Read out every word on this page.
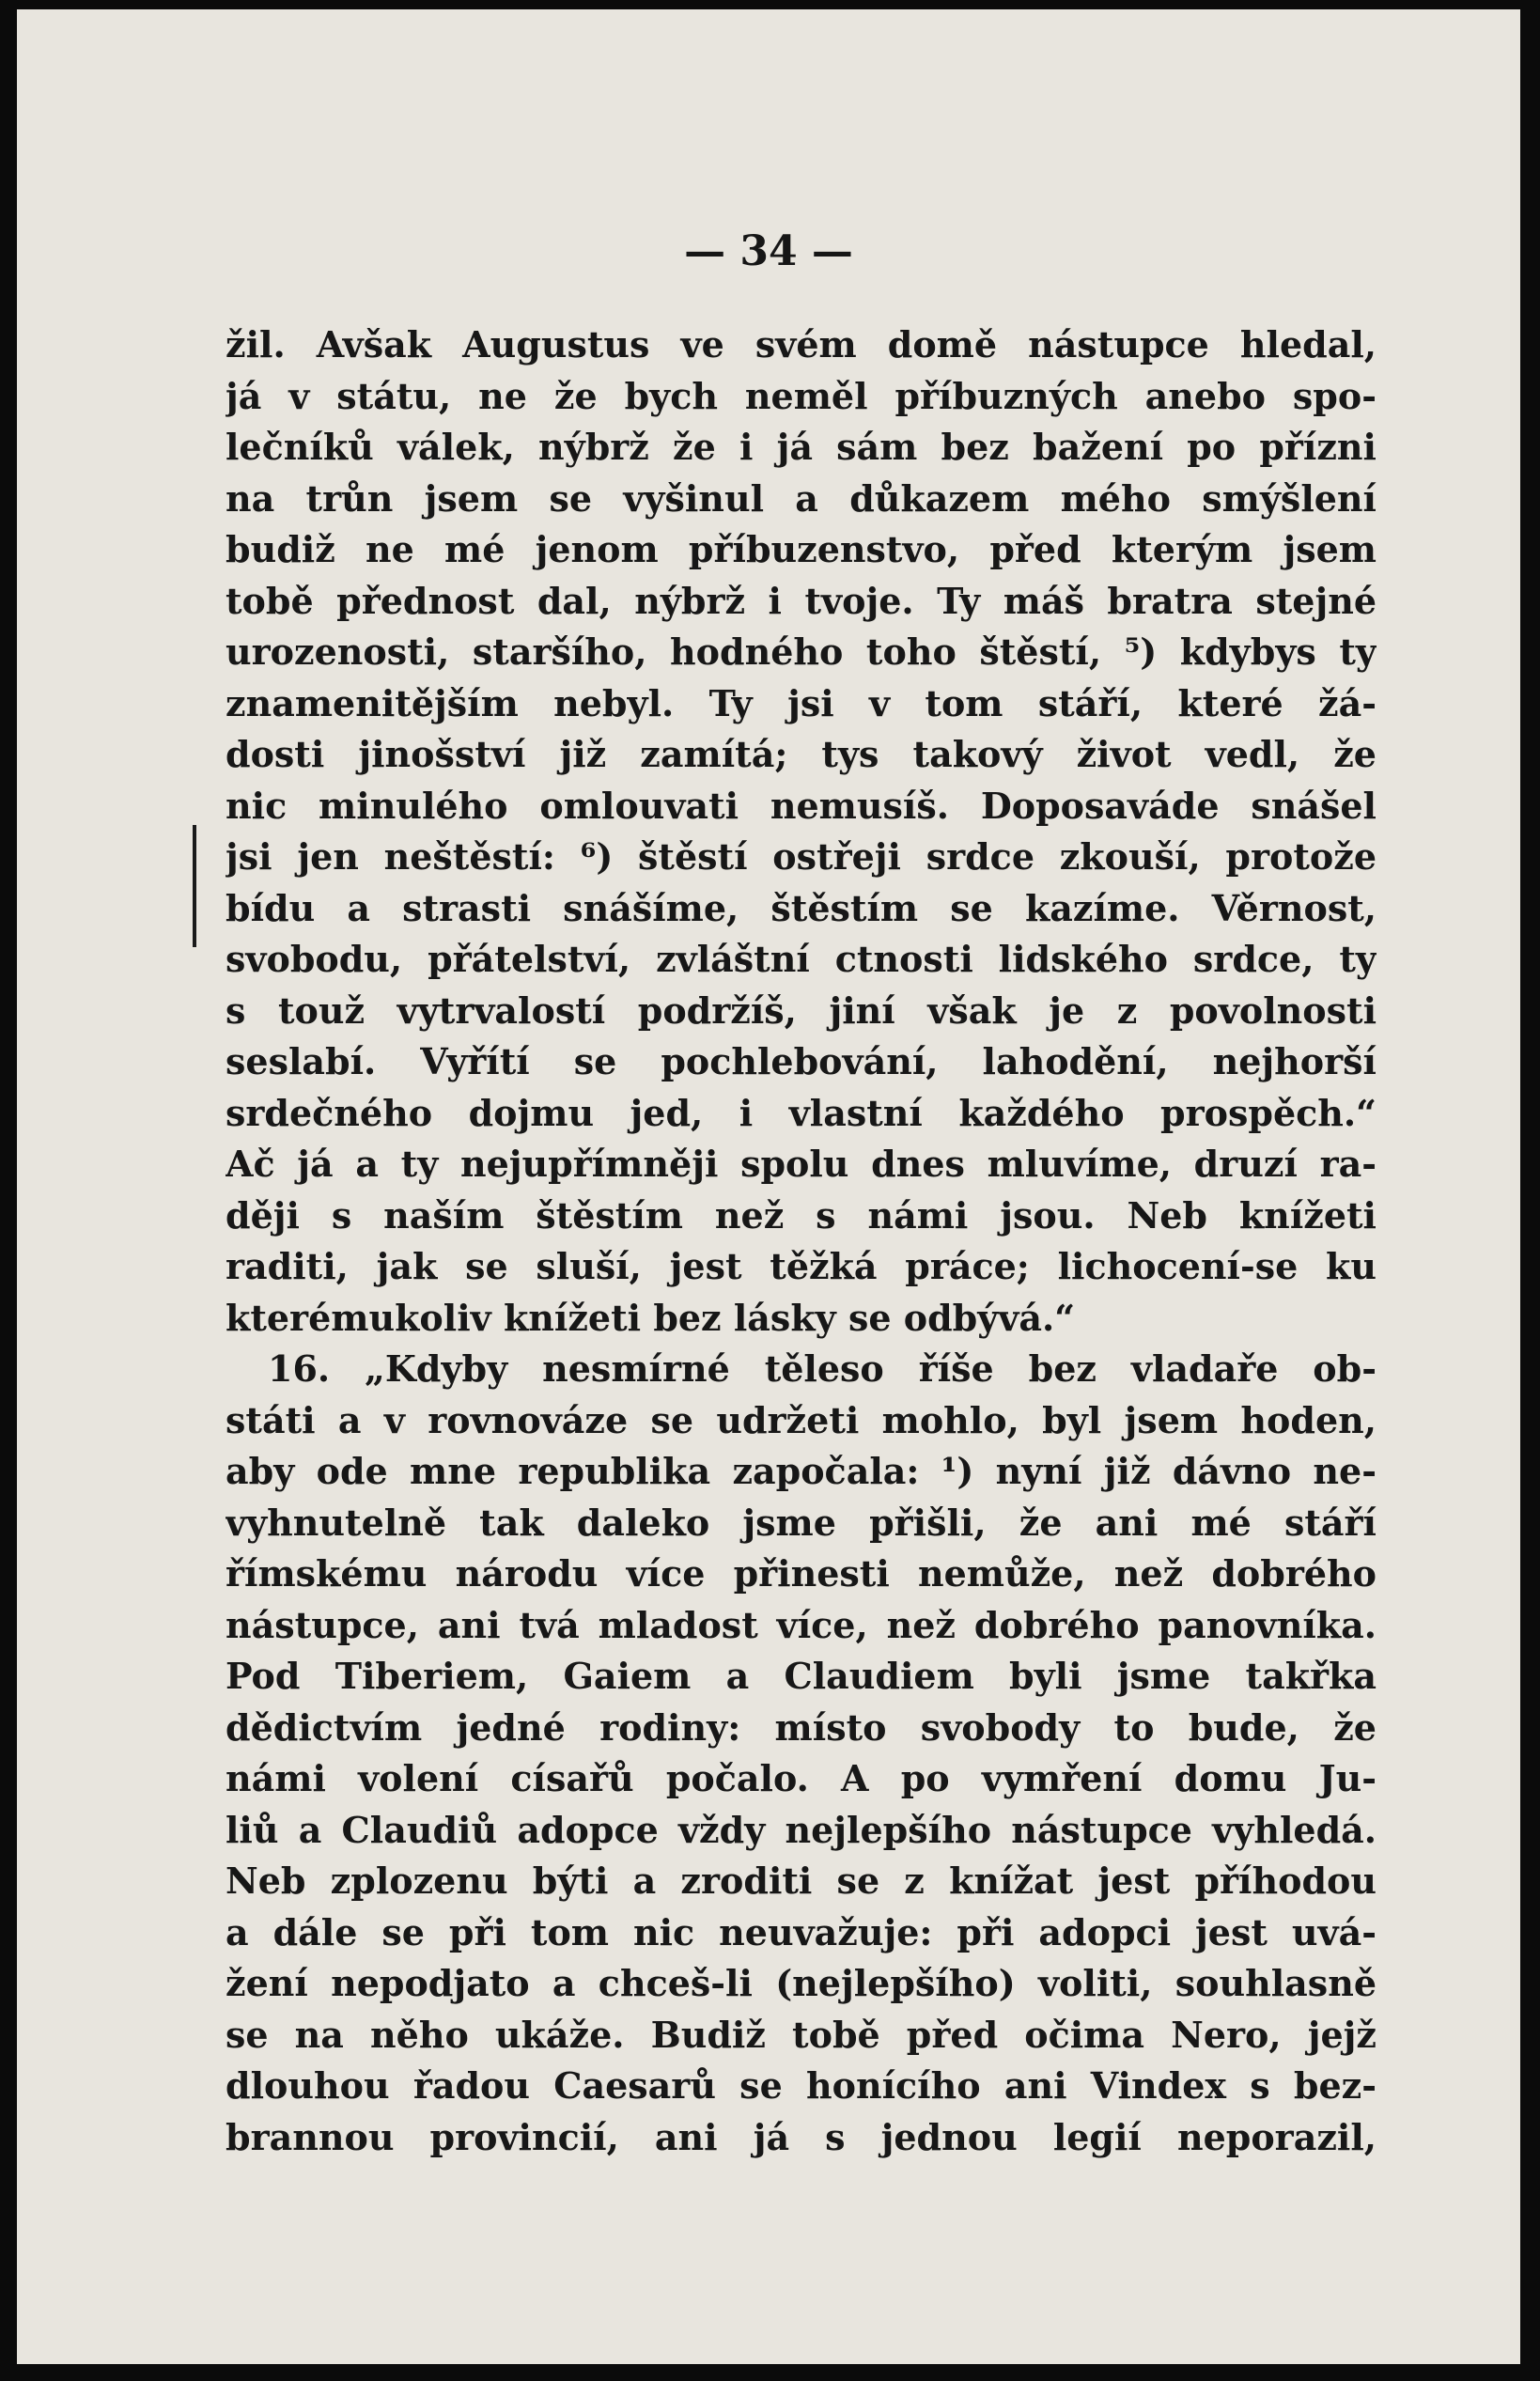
— 34 —
žil. Avšak Augustus ve svém domě nástupce hledal,
já v státu, ne že bych neměl příbuzných anebo spo-
lečníků válek, nýbrž že i já sám bez bažení po přízni
na trůn jsem se vyšinul a důkazem mého smýšlení
budiž ne mé jenom příbuzenstvo, před kterým jsem
tobě přednost dal, nýbrž i tvoje. Ty máš bratra stejné
urozenosti, staršího, hodného toho štěstí, ⁵) kdybys ty
znamenitějším nebyl. Ty jsi v tom stáří, které žá-
dosti jinošství již zamítá; tys takový život vedl, že
nic minulého omlouvati nemusíš. Doposaváde snášel
jsi jen neštěstí: ⁶) štěstí ostřeji srdce zkouší, protože
bídu a strasti snášíme, štěstím se kazíme. Věrnost,
svobodu, přátelství, zvláštní ctnosti lidského srdce, ty
s touž vytrvalostí podržíš, jiní však je z povolnosti
seslabí. Vyřítí se pochlebování, lahodění, nejhorší
srdečného dojmu jed, i vlastní každého prospěch.“
Ač já a ty nejupřímněji spolu dnes mluvíme, druzí ra-
ději s naším štěstím než s námi jsou. Neb knížeti
raditi, jak se sluší, jest těžká práce; lichocení-se ku
kterémukoliv knížeti bez lásky se odbývá.“
16. „Kdyby nesmírné těleso říše bez vladaře ob-
státi a v rovnováze se udržeti mohlo, byl jsem hoden,
aby ode mne republika započala: ¹) nyní již dávno ne-
vyhnutelně tak daleko jsme přišli, že ani mé stáří
římskému národu více přinesti nemůže, než dobrého
nástupce, ani tvá mladost více, než dobrého panovníka.
Pod Tiberiem, Gaiem a Claudiem byli jsme takřka
dědictvím jedné rodiny: místo svobody to bude, že
námi volení císařů počalo. A po vymření domu Ju-
liů a Claudiů adopce vždy nejlepšího nástupce vyhledá.
Neb zplozenu býti a zroditi se z knížat jest příhodou
a dále se při tom nic neuvažuje: při adopci jest uvá-
žení nepodjato a chceš-li (nejlepšího) voliti, souhlasně
se na něho ukáže. Budiž tobě před očima Nero, jejž
dlouhou řadou Caesarů se honícího ani Vindex s bez-
brannou provincií, ani já s jednou legií neporazil,
